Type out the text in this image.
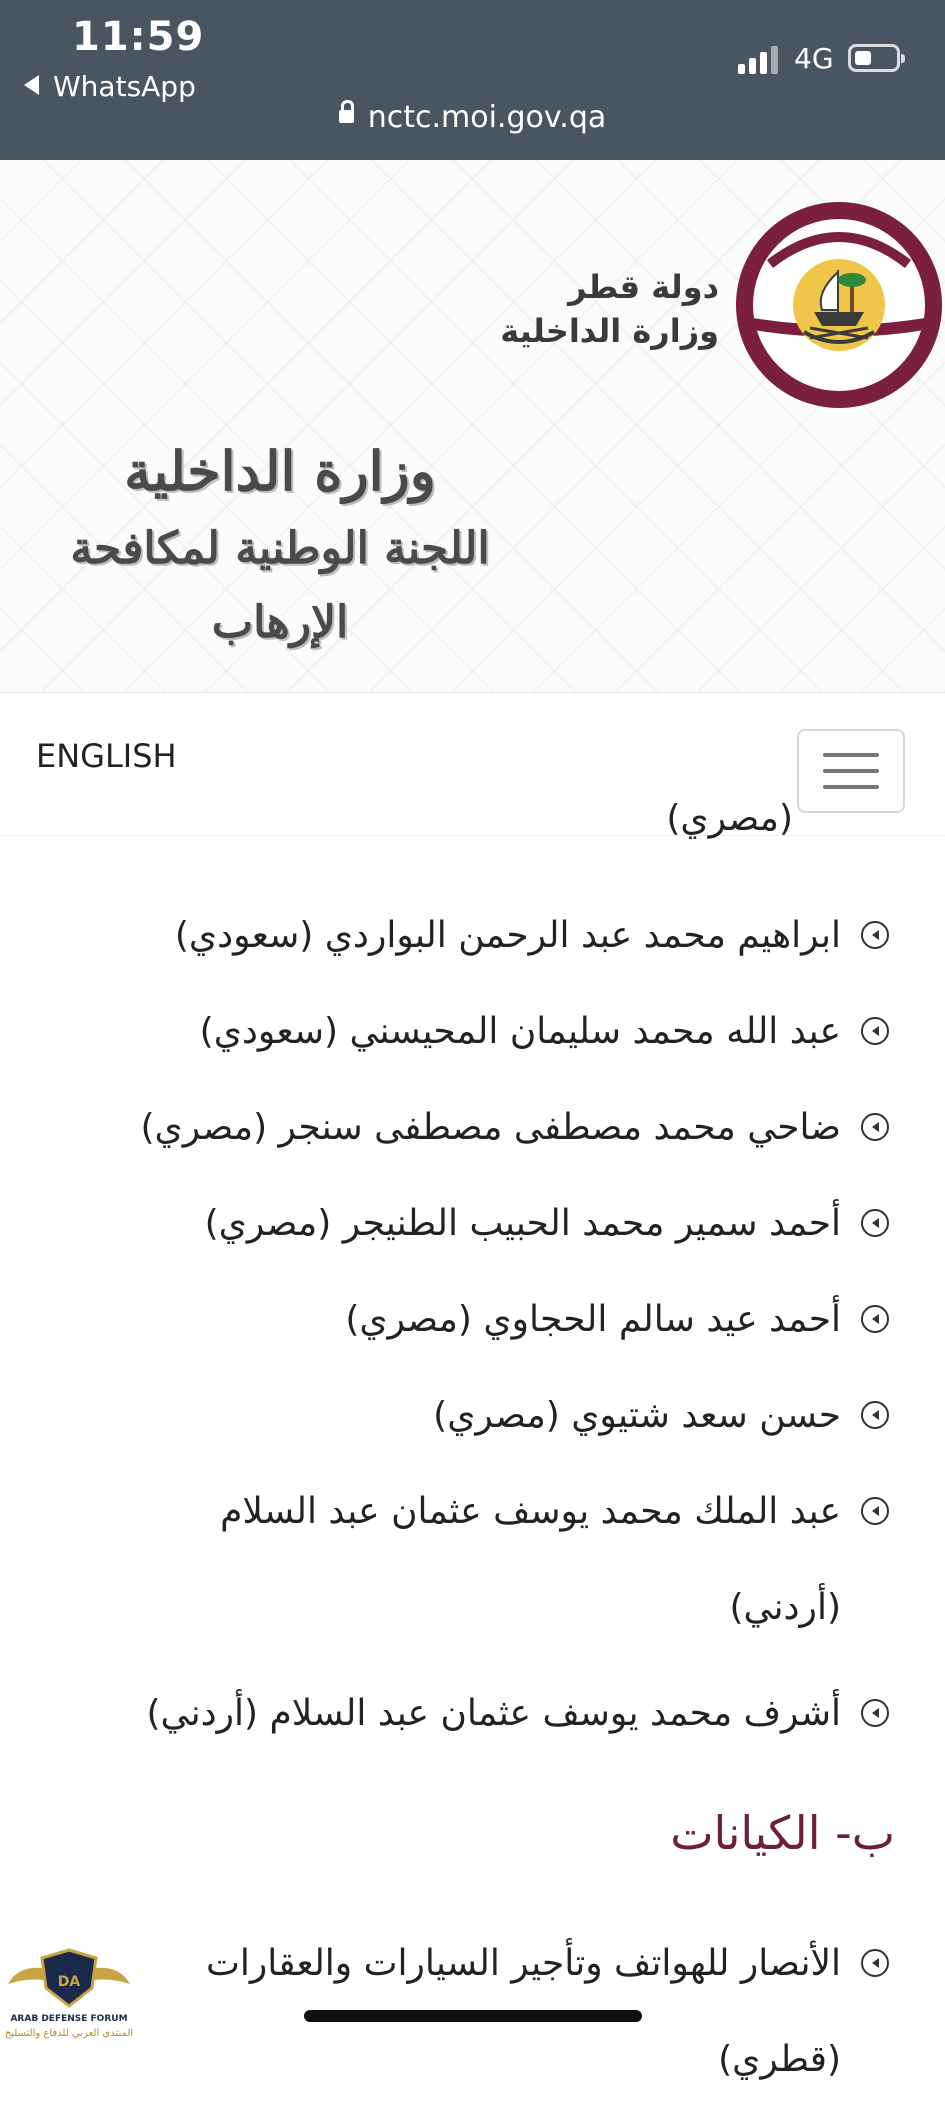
11:59
WhatsApp
4G
nctc.moi.gov.qa
دولة قطر
وزارة الداخلية
وزارة الداخلية
اللجنة الوطنية لمكافحة الإرهاب
ENGLISH
(مصري)
ابراهيم محمد عبد الرحمن البواردي (سعودي)
عبد الله محمد سليمان المحيسني (سعودي)
ضاحي محمد مصطفى مصطفى سنجر (مصري)
أحمد سمير محمد الحبيب الطنيجر (مصري)
أحمد عيد سالم الحجاوي (مصري)
حسن سعد شتيوي (مصري)
عبد الملك محمد يوسف عثمان عبد السلام (أردني)
أشرف محمد يوسف عثمان عبد السلام (أردني)
ب- الكيانات
الأنصار للهواتف وتأجير السيارات والعقارات (قطري)
DA
ARAB DEFENSE FORUM
المنتدى العربي للدفاع والتسليح
